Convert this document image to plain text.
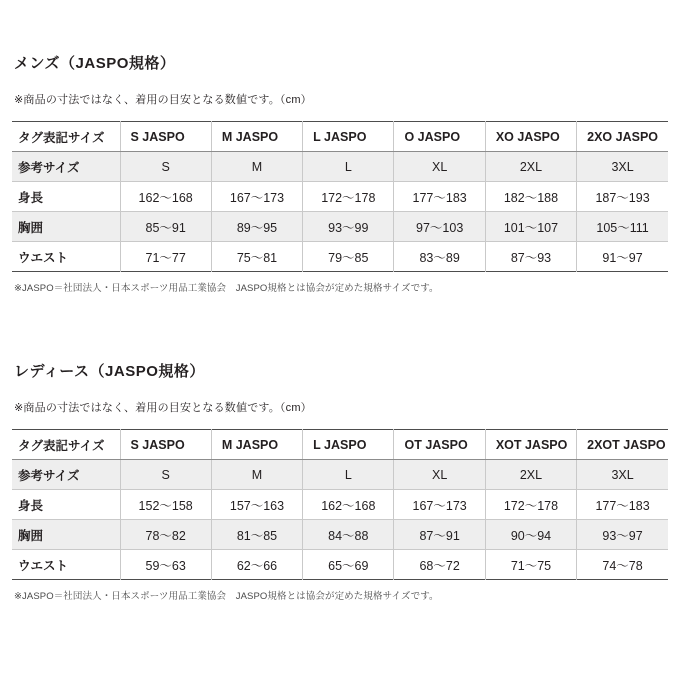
メンズ（JASPO規格）

※商品の寸法ではなく、着用の目安となる数値です。（cm）

タグ表記サイズ	S JASPO	M JASPO	L JASPO	O JASPO	XO JASPO	2XO JASPO
参考サイズ	S	M	L	XL	2XL	3XL
身長	162〜168	167〜173	172〜178	177〜183	182〜188	187〜193
胸囲	85〜91	89〜95	93〜99	97〜103	101〜107	105〜111
ウエスト	71〜77	75〜81	79〜85	83〜89	87〜93	91〜97
※JASPO＝社団法人・日本スポーツ用品工業協会　JASPO規格とは協会が定めた規格サイズです。
レディース（JASPO規格）

※商品の寸法ではなく、着用の目安となる数値です。（cm）

タグ表記サイズ	S JASPO	M JASPO	L JASPO	OT JASPO	XOT JASPO	2XOT JASPO
参考サイズ	S	M	L	XL	2XL	3XL
身長	152〜158	157〜163	162〜168	167〜173	172〜178	177〜183
胸囲	78〜82	81〜85	84〜88	87〜91	90〜94	93〜97
ウエスト	59〜63	62〜66	65〜69	68〜72	71〜75	74〜78
※JASPO＝社団法人・日本スポーツ用品工業協会　JASPO規格とは協会が定めた規格サイズです。
